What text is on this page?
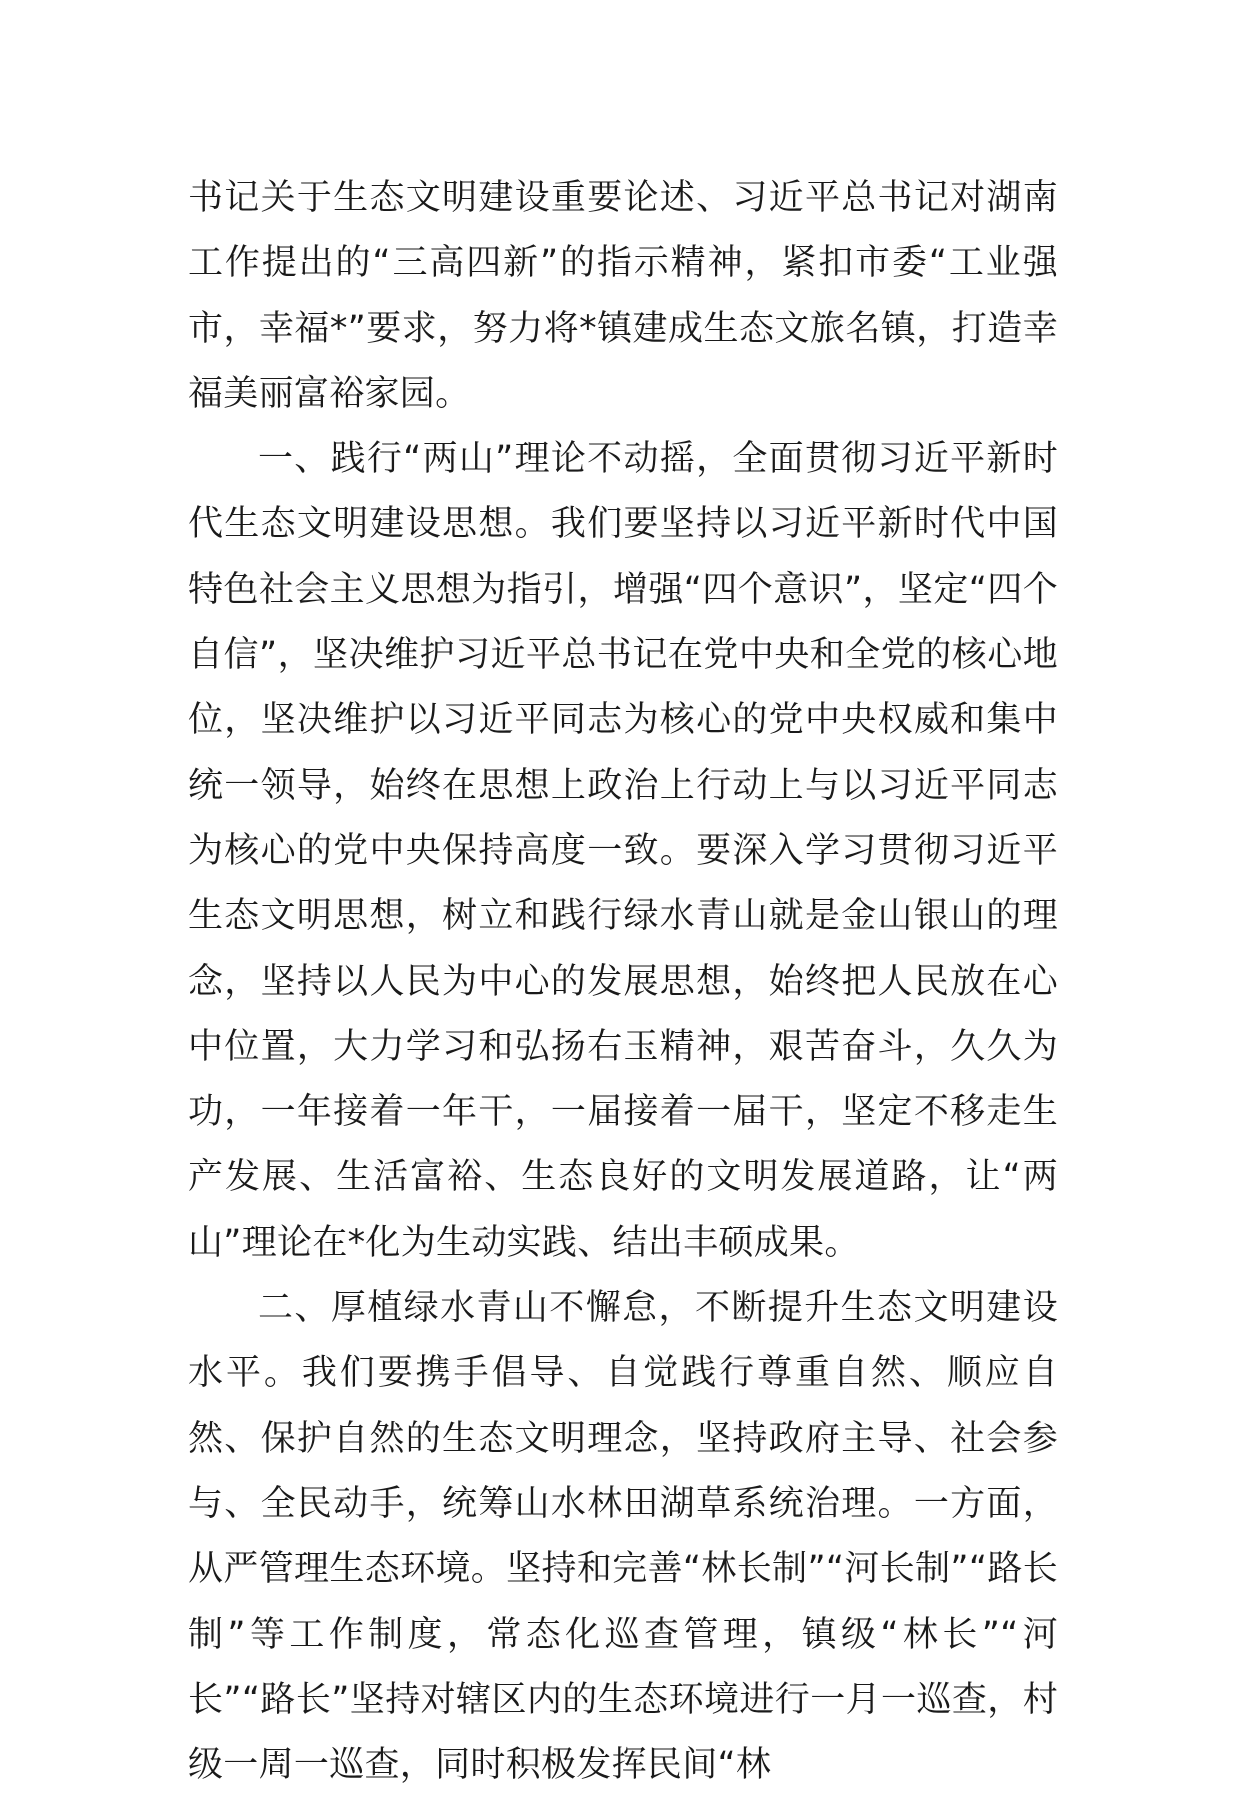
书记关于生态文明建设重要论述、习近平总书记对湖南工作提出的“三高四新”的指示精神，紧扣市委“工业强市，幸福*”要求，努力将*镇建成生态文旅名镇，打造幸福美丽富裕家园。

一、践行“两山”理论不动摇，全面贯彻习近平新时代生态文明建设思想。我们要坚持以习近平新时代中国特色社会主义思想为指引，增强“四个意识”，坚定“四个自信”，坚决维护习近平总书记在党中央和全党的核心地位，坚决维护以习近平同志为核心的党中央权威和集中统一领导，始终在思想上政治上行动上与以习近平同志为核心的党中央保持高度一致。要深入学习贯彻习近平生态文明思想，树立和践行绿水青山就是金山银山的理念，坚持以人民为中心的发展思想，始终把人民放在心中位置，大力学习和弘扬右玉精神，艰苦奋斗，久久为功，一年接着一年干，一届接着一届干，坚定不移走生产发展、生活富裕、生态良好的文明发展道路，让“两山”理论在*化为生动实践、结出丰硕成果。

二、厚植绿水青山不懈怠，不断提升生态文明建设水平。我们要携手倡导、自觉践行尊重自然、顺应自然、保护自然的生态文明理念，坚持政府主导、社会参与、全民动手，统筹山水林田湖草系统治理。一方面，从严管理生态环境。坚持和完善“林长制”“河长制”“路长制”等工作制度，常态化巡查管理，镇级“林长”“河长”“路长”坚持对辖区内的生态环境进行一月一巡查，村级一周一巡查，同时积极发挥民间“林
